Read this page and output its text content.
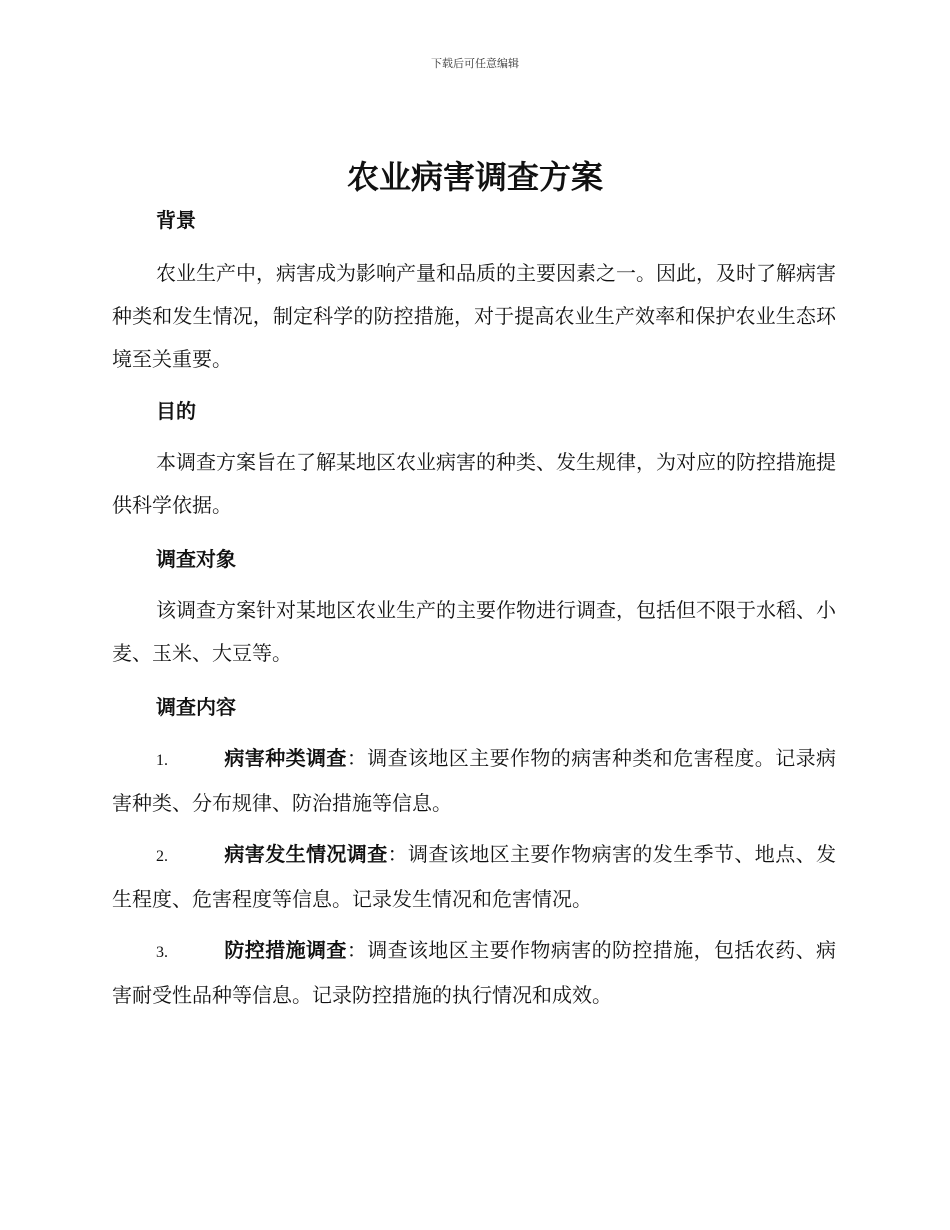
下载后可任意编辑
农业病害调查方案

背景

农业生产中，病害成为影响产量和品质的主要因素之一。因此，及时了解病害种类和发生情况，制定科学的防控措施，对于提高农业生产效率和保护农业生态环境至关重要。

目的

本调查方案旨在了解某地区农业病害的种类、发生规律，为对应的防控措施提供科学依据。

调查对象

该调查方案针对某地区农业生产的主要作物进行调查，包括但不限于水稻、小麦、玉米、大豆等。

调查内容

1.	病害种类调查：调查该地区主要作物的病害种类和危害程度。记录病害种类、分布规律、防治措施等信息。

2.	病害发生情况调查：调查该地区主要作物病害的发生季节、地点、发生程度、危害程度等信息。记录发生情况和危害情况。

3.	防控措施调查：调查该地区主要作物病害的防控措施，包括农药、病害耐受性品种等信息。记录防控措施的执行情况和成效。
